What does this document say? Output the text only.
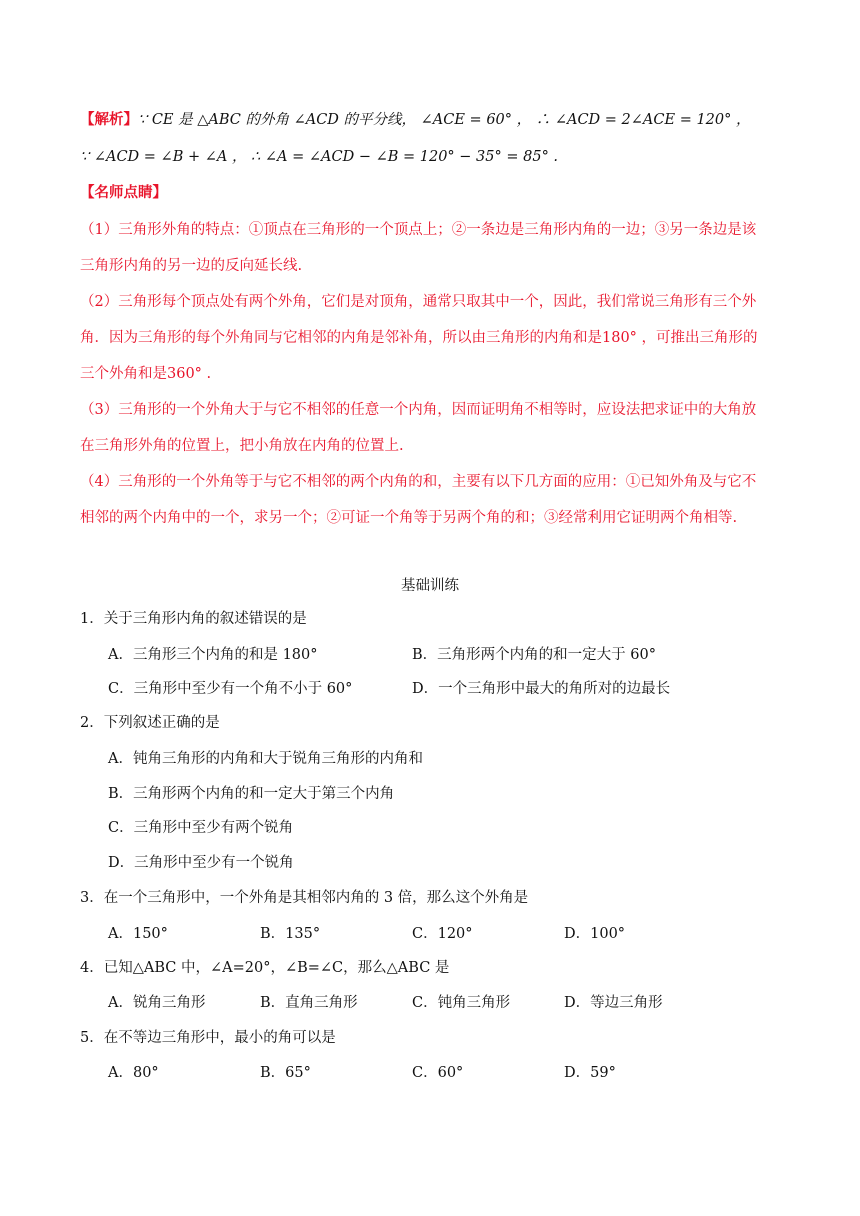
【解析】∵ CE 是 △ABC 的外角 ∠ACD 的平分线， ∠ACE = 60° ， ∴ ∠ACD = 2∠ACE = 120° ，
∵ ∠ACD = ∠B + ∠A ， ∴ ∠A = ∠ACD − ∠B = 120° − 35° = 85° .
【名师点睛】
（1）三角形外角的特点：①顶点在三角形的一个顶点上；②一条边是三角形内角的一边；③另一条边是该
三角形内角的另一边的反向延长线.
（2）三角形每个顶点处有两个外角，它们是对顶角，通常只取其中一个，因此，我们常说三角形有三个外
角．因为三角形的每个外角同与它相邻的内角是邻补角，所以由三角形的内角和是180° ，可推出三角形的
三个外角和是360° .
（3）三角形的一个外角大于与它不相邻的任意一个内角，因而证明角不相等时，应设法把求证中的大角放
在三角形外角的位置上，把小角放在内角的位置上.
（4）三角形的一个外角等于与它不相邻的两个内角的和，主要有以下几方面的应用：①已知外角及与它不
相邻的两个内角中的一个，求另一个；②可证一个角等于另两个角的和；③经常利用它证明两个角相等.
基础训练
1．关于三角形内角的叙述错误的是
A．三角形三个内角的和是 180°	B．三角形两个内角的和一定大于 60°
C．三角形中至少有一个角不小于 60°	D．一个三角形中最大的角所对的边最长
2．下列叙述正确的是
A．钝角三角形的内角和大于锐角三角形的内角和
B．三角形两个内角的和一定大于第三个内角
C．三角形中至少有两个锐角
D．三角形中至少有一个锐角
3．在一个三角形中，一个外角是其相邻内角的 3 倍，那么这个外角是
A．150°	B．135°	C．120°	D．100°
4．已知△ABC 中，∠A=20°，∠B=∠C，那么△ABC 是
A．锐角三角形	B．直角三角形	C．钝角三角形	D．等边三角形
5．在不等边三角形中，最小的角可以是
A．80°	B．65°	C．60°	D．59°
